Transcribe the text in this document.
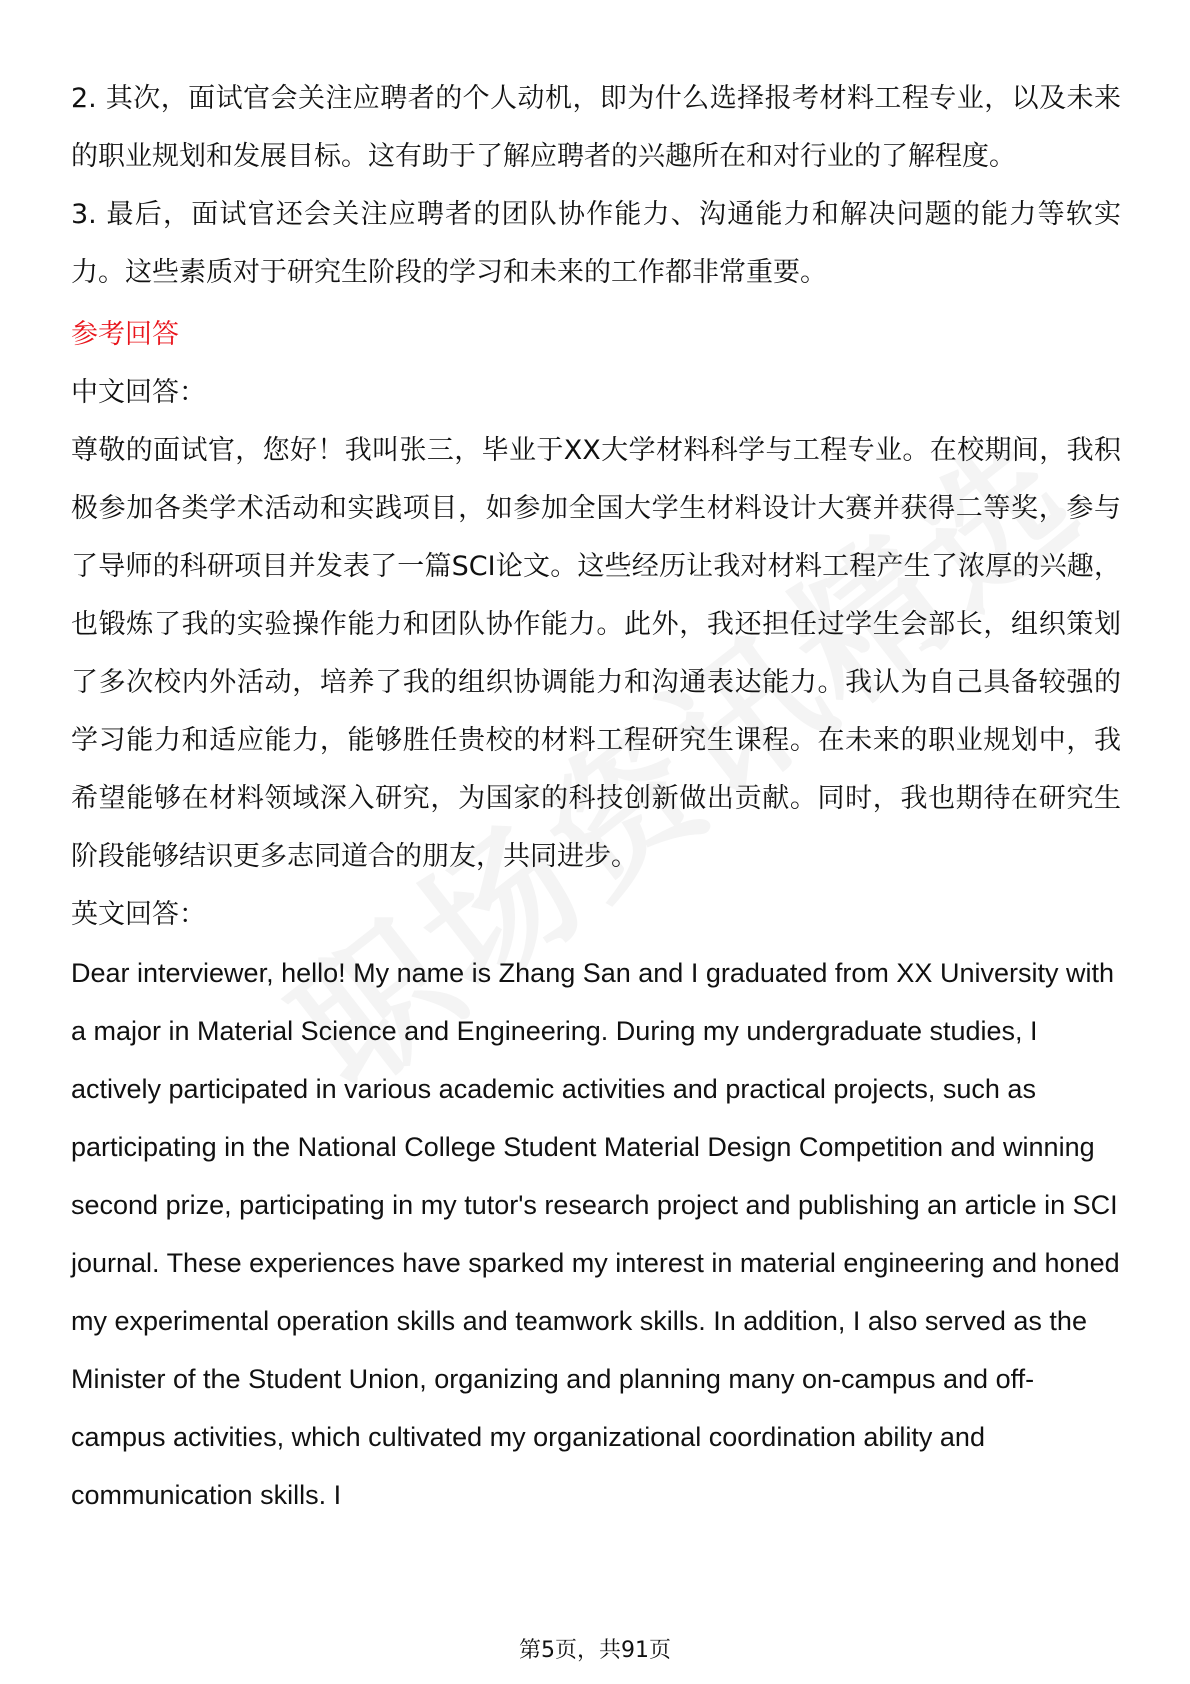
2. 其次，面试官会关注应聘者的个人动机，即为什么选择报考材料工程专业，以及未来的职业规划和发展目标。这有助于了解应聘者的兴趣所在和对行业的了解程度。

3. 最后，面试官还会关注应聘者的团队协作能力、沟通能力和解决问题的能力等软实力。这些素质对于研究生阶段的学习和未来的工作都非常重要。

参考回答

中文回答：

尊敬的面试官，您好！我叫张三，毕业于XX大学材料科学与工程专业。在校期间，我积极参加各类学术活动和实践项目，如参加全国大学生材料设计大赛并获得二等奖，参与了导师的科研项目并发表了一篇SCI论文。这些经历让我对材料工程产生了浓厚的兴趣，也锻炼了我的实验操作能力和团队协作能力。此外，我还担任过学生会部长，组织策划了多次校内外活动，培养了我的组织协调能力和沟通表达能力。我认为自己具备较强的学习能力和适应能力，能够胜任贵校的材料工程研究生课程。在未来的职业规划中，我希望能够在材料领域深入研究，为国家的科技创新做出贡献。同时，我也期待在研究生阶段能够结识更多志同道合的朋友，共同进步。

英文回答：

Dear interviewer, hello! My name is Zhang San and I graduated from XX University with a major in Material Science and Engineering. During my undergraduate studies, I actively participated in various academic activities and practical projects, such as participating in the National College Student Material Design Competition and winning second prize, participating in my tutor's research project and publishing an article in SCI journal. These experiences have sparked my interest in material engineering and honed my experimental operation skills and teamwork skills. In addition, I also served as the Minister of the Student Union, organizing and planning many on-campus and off-campus activities, which cultivated my organizational coordination ability and communication skills. I

第5页，共91页
